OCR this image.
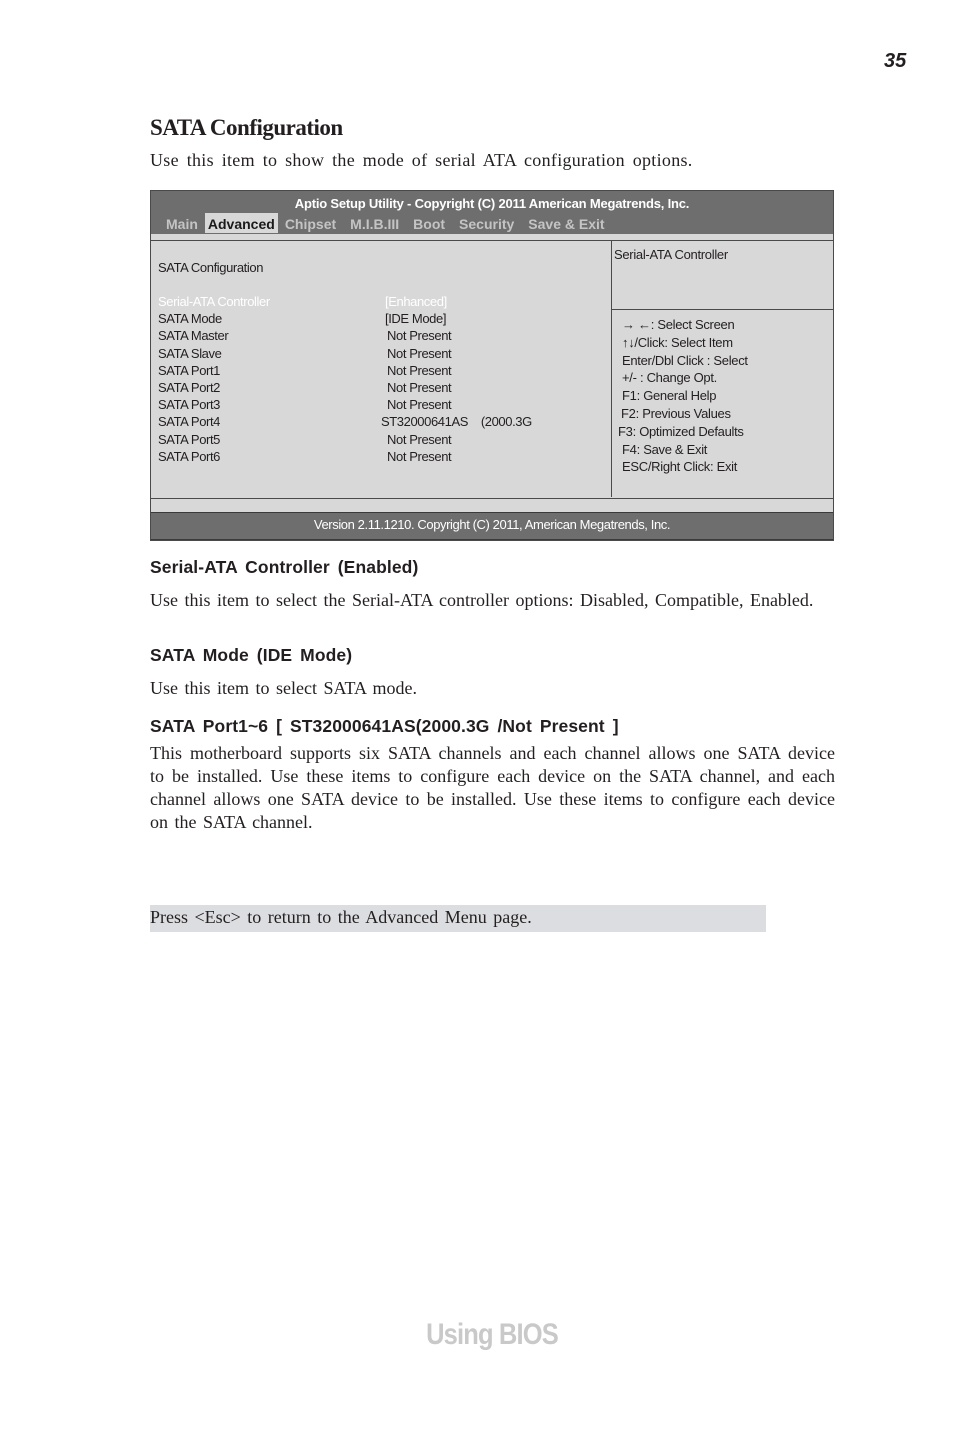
35
SATA Configuration
Use this item to show the mode of serial ATA configuration options.
Aptio Setup Utility - Copyright (C) 2011 American Megatrends, Inc.
Main Advanced Chipset	M.I.B.III	Boot	Security	Save & Exit
SATA Configuration
Serial-ATA Controller	[Enhanced]
SATA Mode	[IDE Mode]
SATA Master	Not Present
SATA Slave	Not Present
SATA Port1	Not Present
SATA Port2	Not Present
SATA Port3	Not Present
SATA Port4	ST32000641AS    (2000.3G
SATA Port5	Not Present
SATA Port6	Not Present
Serial-ATA Controller
→ ←: Select Screen
↑↓/Click: Select Item
Enter/Dbl Click : Select
+/- : Change Opt.
F1: General Help
F2: Previous Values
F3: Optimized Defaults
F4: Save & Exit
ESC/Right Click: Exit
Version 2.11.1210. Copyright (C) 2011, American Megatrends, Inc.
Serial-ATA Controller (Enabled)
Use this item to select the Serial-ATA controller options: Disabled, Compatible, Enabled.
SATA Mode (IDE Mode)
Use this item to select SATA mode.
SATA Port1~6 [ ST32000641AS(2000.3G /Not Present ]
This motherboard supports six SATA channels and each channel allows one SATA device to be installed. Use these items to configure each device on the SATA channel, and each channel allows one SATA device to be installed. Use these items to configure each device on the SATA channel.
Press <Esc> to return to the Advanced Menu page.
Using BIOS
